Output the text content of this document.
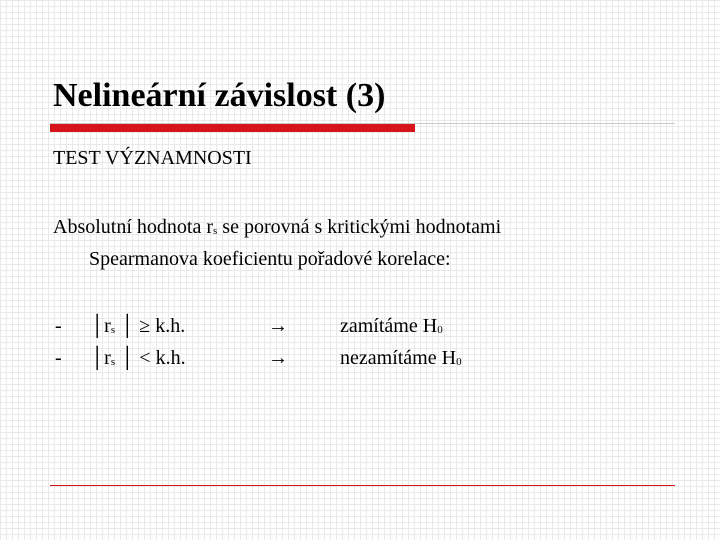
Nelineární závislost (3)
TEST VÝZNAMNOSTI
Absolutní hodnota $r_s$ se porovná s kritickými hodnotami
Spearmanova koeficientu pořadové korelace:
- $│r_s$ │ ≥ k.h.	→	zamítáme $H_0$
- $│r_s$ │ < k.h.	→	nezamítáme $H_0$
